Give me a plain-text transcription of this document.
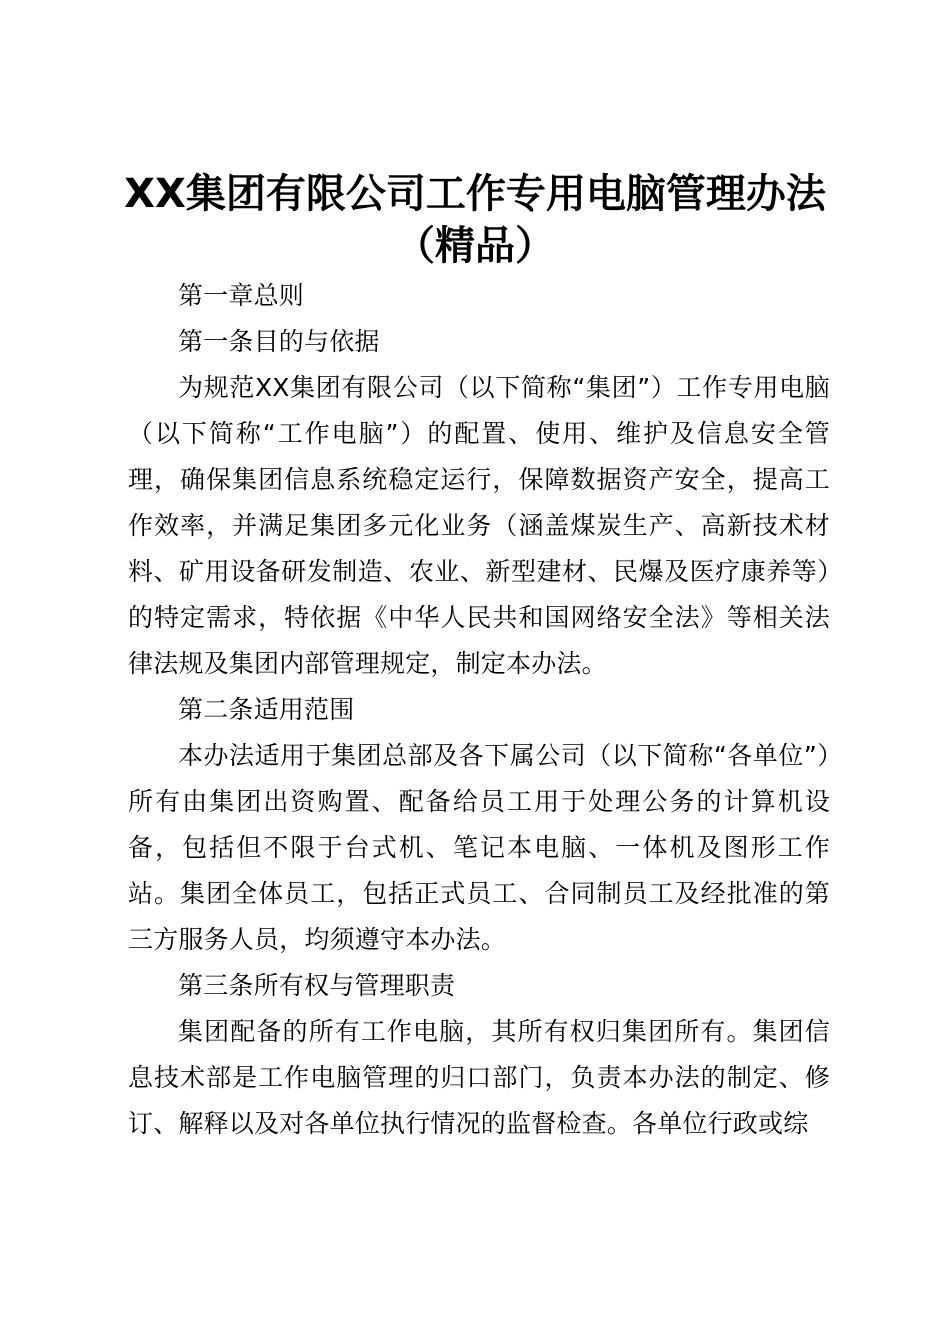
XX集团有限公司工作专用电脑管理办法（精品）

第一章总则

第一条目的与依据

为规范XX集团有限公司（以下简称“集团”）工作专用电脑（以下简称“工作电脑”）的配置、使用、维护及信息安全管理，确保集团信息系统稳定运行，保障数据资产安全，提高工作效率，并满足集团多元化业务（涵盖煤炭生产、高新技术材料、矿用设备研发制造、农业、新型建材、民爆及医疗康养等）的特定需求，特依据《中华人民共和国网络安全法》等相关法律法规及集团内部管理规定，制定本办法。

第二条适用范围

本办法适用于集团总部及各下属公司（以下简称“各单位”）所有由集团出资购置、配备给员工用于处理公务的计算机设备，包括但不限于台式机、笔记本电脑、一体机及图形工作站。集团全体员工，包括正式员工、合同制员工及经批准的第三方服务人员，均须遵守本办法。

第三条所有权与管理职责

集团配备的所有工作电脑，其所有权归集团所有。集团信息技术部是工作电脑管理的归口部门，负责本办法的制定、修订、解释以及对各单位执行情况的监督检查。各单位行政或综
